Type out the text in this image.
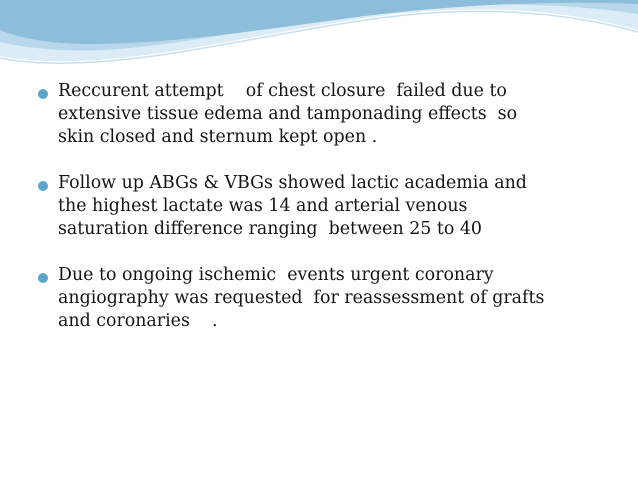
Reccurent attempt    of chest closure  failed due to
extensive tissue edema and tamponading effects  so
skin closed and sternum kept open .

Follow up ABGs & VBGs showed lactic academia and
the highest lactate was 14 and arterial venous
saturation difference ranging  between 25 to 40

Due to ongoing ischemic  events urgent coronary
angiography was requested  for reassessment of grafts
and coronaries    .
